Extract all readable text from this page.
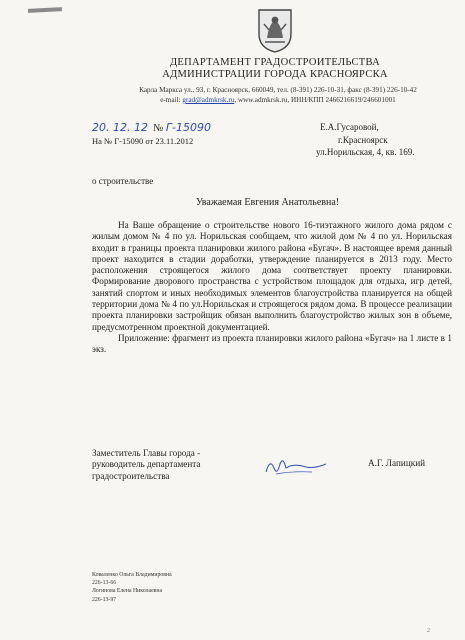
ДЕПАРТАМЕНТ ГРАДОСТРОИТЕЛЬСТВА
АДМИНИСТРАЦИИ ГОРОДА КРАСНОЯРСКА
Карла Маркса ул., 93, г. Красноярск, 660049, тел. (8-391) 226-10-31, факс (8-391) 226-10-42
e-mail: grad@admkrsk.ru, www.admkrsk.ru, ИНН/КПП 2466216619/246601001
20. 12. 12 № Г-15090
На № Г-15090 от 23.11.2012
Е.А.Гусаровой,
г.Красноярск
ул.Норильская, 4, кв. 169.
о строительстве
Уважаемая Евгения Анатольевна!

На Ваше обращение о строительстве нового 16-тиэтажного жилого дома рядом с жилым домом № 4 по ул. Норильская сообщаем, что жилой дом № 4 по ул. Норильская входит в границы проекта планировки жилого района «Бугач». В настоящее время данный проект находится в стадии доработки, утверждение планируется в 2013 году. Место расположения строящегося жилого дома соответствует проекту планировки. Формирование дворового пространства с устройством площадок для отдыха, игр детей, занятий спортом и иных необходимых элементов благоустройства планируется на общей территории дома № 4 по ул.Норильская и строящегося рядом дома. В процессе реализации проекта планировки застройщик обязан выполнить благоустройство жилых зон в объеме, предусмотренном проектной документацией.

Приложение: фрагмент из проекта планировки жилого района «Бугач» на 1 листе в 1 экз.

Заместитель Главы города -
руководитель департамента
градостроительства
А.Г. Лапицкий
Коваленко Ольга Владимировна
226-13-66
Логинова Елена Николаевна
226-13-97
2
